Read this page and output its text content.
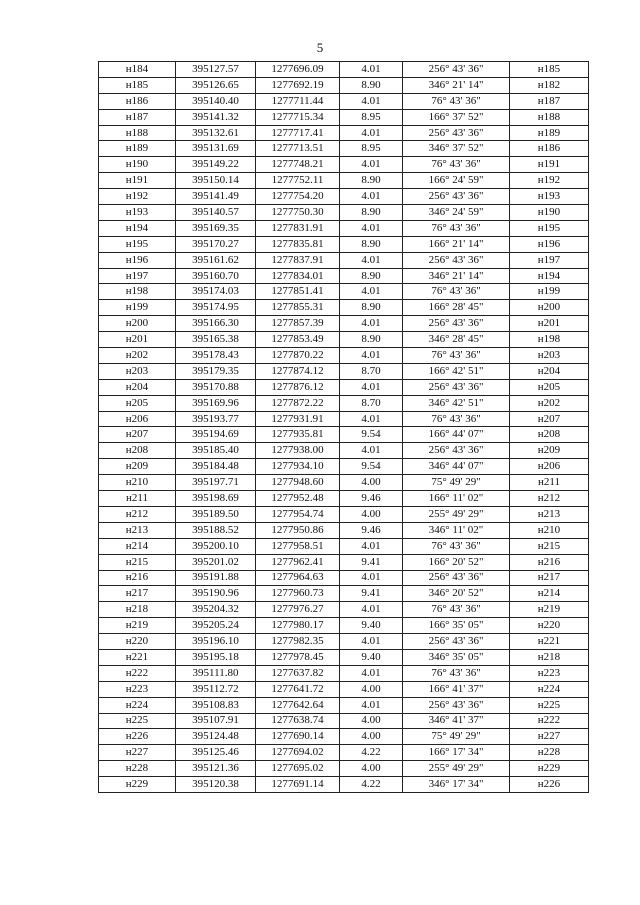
5
н184	395127.57	1277696.09	4.01	256° 43' 36"	н185
н185	395126.65	1277692.19	8.90	346° 21' 14"	н182
н186	395140.40	1277711.44	4.01	76° 43' 36"	н187
н187	395141.32	1277715.34	8.95	166° 37' 52"	н188
н188	395132.61	1277717.41	4.01	256° 43' 36"	н189
н189	395131.69	1277713.51	8.95	346° 37' 52"	н186
н190	395149.22	1277748.21	4.01	76° 43' 36"	н191
н191	395150.14	1277752.11	8.90	166° 24' 59"	н192
н192	395141.49	1277754.20	4.01	256° 43' 36"	н193
н193	395140.57	1277750.30	8.90	346° 24' 59"	н190
н194	395169.35	1277831.91	4.01	76° 43' 36"	н195
н195	395170.27	1277835.81	8.90	166° 21' 14"	н196
н196	395161.62	1277837.91	4.01	256° 43' 36"	н197
н197	395160.70	1277834.01	8.90	346° 21' 14"	н194
н198	395174.03	1277851.41	4.01	76° 43' 36"	н199
н199	395174.95	1277855.31	8.90	166° 28' 45"	н200
н200	395166.30	1277857.39	4.01	256° 43' 36"	н201
н201	395165.38	1277853.49	8.90	346° 28' 45"	н198
н202	395178.43	1277870.22	4.01	76° 43' 36"	н203
н203	395179.35	1277874.12	8.70	166° 42' 51"	н204
н204	395170.88	1277876.12	4.01	256° 43' 36"	н205
н205	395169.96	1277872.22	8.70	346° 42' 51"	н202
н206	395193.77	1277931.91	4.01	76° 43' 36"	н207
н207	395194.69	1277935.81	9.54	166° 44' 07"	н208
н208	395185.40	1277938.00	4.01	256° 43' 36"	н209
н209	395184.48	1277934.10	9.54	346° 44' 07"	н206
н210	395197.71	1277948.60	4.00	75° 49' 29"	н211
н211	395198.69	1277952.48	9.46	166° 11' 02"	н212
н212	395189.50	1277954.74	4.00	255° 49' 29"	н213
н213	395188.52	1277950.86	9.46	346° 11' 02"	н210
н214	395200.10	1277958.51	4.01	76° 43' 36"	н215
н215	395201.02	1277962.41	9.41	166° 20' 52"	н216
н216	395191.88	1277964.63	4.01	256° 43' 36"	н217
н217	395190.96	1277960.73	9.41	346° 20' 52"	н214
н218	395204.32	1277976.27	4.01	76° 43' 36"	н219
н219	395205.24	1277980.17	9.40	166° 35' 05"	н220
н220	395196.10	1277982.35	4.01	256° 43' 36"	н221
н221	395195.18	1277978.45	9.40	346° 35' 05"	н218
н222	395111.80	1277637.82	4.01	76° 43' 36"	н223
н223	395112.72	1277641.72	4.00	166° 41' 37"	н224
н224	395108.83	1277642.64	4.01	256° 43' 36"	н225
н225	395107.91	1277638.74	4.00	346° 41' 37"	н222
н226	395124.48	1277690.14	4.00	75° 49' 29"	н227
н227	395125.46	1277694.02	4.22	166° 17' 34"	н228
н228	395121.36	1277695.02	4.00	255° 49' 29"	н229
н229	395120.38	1277691.14	4.22	346° 17' 34"	н226
